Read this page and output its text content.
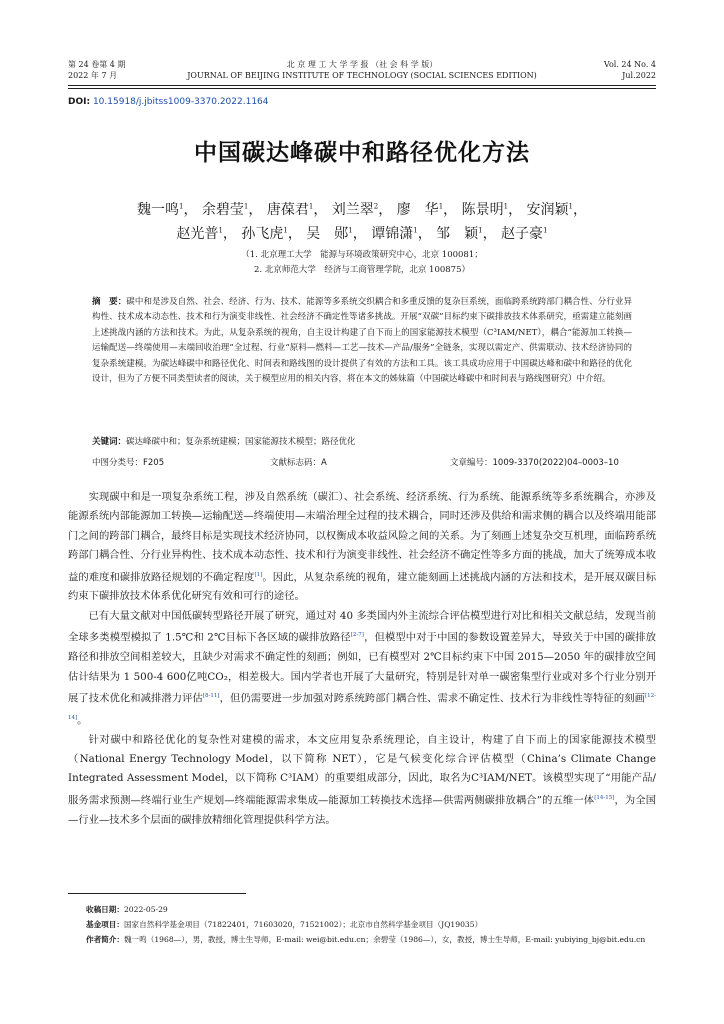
第 24 卷第 4 期
2022 年 7 月
北 京 理 工 大 学 学 报 （社 会 科 学 版）
JOURNAL OF BEIJING INSTITUTE OF TECHNOLOGY (SOCIAL SCIENCES EDITION)
Vol. 24 No. 4
Jul.2022
DOI: 10.15918/j.jbitss1009-3370.2022.1164
中国碳达峰碳中和路径优化方法
魏一鸣$^1$， 余碧莹$^1$， 唐葆君$^1$， 刘兰翠$^2$， 廖　华$^1$， 陈景明$^1$， 安润颖$^1$，
赵光普$^1$， 孙飞虎$^1$， 吴　郧$^1$， 谭锦潇$^1$， 邹　颖$^1$， 赵子豪$^1$
（1. 北京理工大学　能源与环境政策研究中心，北京 100081；
2. 北京师范大学　经济与工商管理学院，北京 100875）
摘　要：碳中和是涉及自然、社会、经济、行为、技术、能源等多系统交织耦合和多重反馈的复杂巨系统，面临跨系统跨部门耦合性、分行业异构性、技术成本动态性、技术和行为演变非线性、社会经济不确定性等诸多挑战。开展“双碳”目标约束下碳排放技术体系研究，亟需建立能刻画上述挑战内涵的方法和技术。为此，从复杂系统的视角，自主设计构建了自下而上的国家能源技术模型（C³IAM/NET），耦合“能源加工转换—运输配送—终端使用—末端回收治理”全过程、行业“原料—燃料—工艺—技术—产品/服务”全链条，实现以需定产、供需联动、技术经济协同的复杂系统建模。为碳达峰碳中和路径优化、时间表和路线图的设计提供了有效的方法和工具。该工具成功应用于中国碳达峰和碳中和路径的优化设计，但为了方便不同类型读者的阅读，关于模型应用的相关内容，将在本文的姊妹篇（中国碳达峰碳中和时间表与路线图研究）中介绍。
关键词：碳达峰碳中和；复杂系统建模；国家能源技术模型；路径优化
中图分类号：F205	文献标志码：A	文章编号：1009-3370(2022)04–0003–10

实现碳中和是一项复杂系统工程，涉及自然系统（碳汇）、社会系统、经济系统、行为系统、能源系统等多系统耦合，亦涉及能源系统内部能源加工转换—运输配送—终端使用—末端治理全过程的技术耦合，同时还涉及供给和需求侧的耦合以及终端用能部门之间的跨部门耦合，最终目标是实现技术经济协同，以权衡成本收益风险之间的关系。为了刻画上述复杂交互机理，面临跨系统跨部门耦合性、分行业异构性、技术成本动态性、技术和行为演变非线性、社会经济不确定性等多方面的挑战，加大了统筹成本收益的难度和碳排放路径规划的不确定程度[1]。因此，从复杂系统的视角，建立能刻画上述挑战内涵的方法和技术，是开展双碳目标约束下碳排放技术体系优化研究有效和可行的途径。

已有大量文献对中国低碳转型路径开展了研究，通过对 40 多类国内外主流综合评估模型进行对比和相关文献总结，发现当前全球多类模型模拟了 1.5℃和 2℃目标下各区域的碳排放路径[2-7]，但模型中对于中国的参数设置差异大，导致关于中国的碳排放路径和排放空间相差较大，且缺少对需求不确定性的刻画；例如，已有模型对 2℃目标约束下中国 2015—2050 年的碳排放空间估计结果为 1 500-4 600亿吨CO₂，相差极大。国内学者也开展了大量研究，特别是针对单一碳密集型行业或对多个行业分别开展了技术优化和减排潜力评估[8-11]，但仍需要进一步加强对跨系统跨部门耦合性、需求不确定性、技术行为非线性等特征的刻画[12-14]。

针对碳中和路径优化的复杂性对建模的需求，本文应用复杂系统理论，自主设计，构建了自下而上的国家能源技术模型（National Energy Technology Model，以下简称 NET），它是气候变化综合评估模型（China’s Climate Change Integrated Assessment Model，以下简称 C³IAM）的重要组成部分，因此，取名为C³IAM/NET。该模型实现了“用能产品/服务需求预测—终端行业生产规划—终端能源需求集成—能源加工转换技术选择—供需两侧碳排放耦合”的五维一体[14-15]，为全国—行业—技术多个层面的碳排放精细化管理提供科学方法。

收稿日期：2022-05-29
基金项目：国家自然科学基金项目（71822401，71603020，71521002）；北京市自然科学基金项目（JQ19035）
作者简介：魏一鸣（1968—），男，教授，博士生导师，E-mail: wei@bit.edu.cn；余碧莹（1986—），女，教授，博士生导师，E-mail: yubiying_bj@bit.edu.cn
